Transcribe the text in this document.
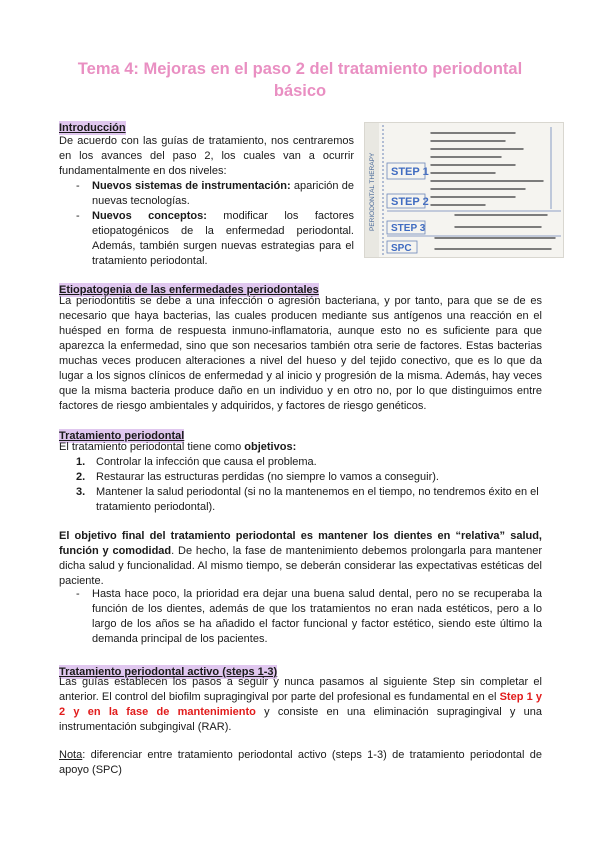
Tema 4: Mejoras en el paso 2 del tratamiento periodontal
básico
Introducción

De acuerdo con las guías de tratamiento, nos centraremos en los avances del paso 2, los cuales van a ocurrir fundamentalmente en dos niveles:

-	Nuevos sistemas de instrumentación: aparición de nuevas tecnologías.

-	Nuevos conceptos: modificar los factores etiopatogénicos de la enfermedad periodontal. Además, también surgen nuevas estrategias para el tratamiento periodontal.

PERIODONTAL THERAPY STEP 1
STEP 2
STEP 3
SPC
Etiopatogenia de las enfermedades periodontales

La periodontitis se debe a una infección o agresión bacteriana, y por tanto, para que se de es necesario que haya bacterias, las cuales producen mediante sus antígenos una reacción en el huésped en forma de respuesta inmuno-inflamatoria, aunque esto no es suficiente para que aparezca la enfermedad, sino que son necesarios también otra serie de factores. Estas bacterias muchas veces producen alteraciones a nivel del hueso y del tejido conectivo, que es lo que da lugar a los signos clínicos de enfermedad y al inicio y progresión de la misma. Además, hay veces que la misma bacteria produce daño en un individuo y en otro no, por lo que distinguimos entre factores de riesgo ambientales y adquiridos, y factores de riesgo genéticos.

Tratamiento periodontal

El tratamiento periodontal tiene como objetivos:

1. Controlar la infección que causa el problema.
2. Restaurar las estructuras perdidas (no siempre lo vamos a conseguir).
3. Mantener la salud periodontal (si no la mantenemos en el tiempo, no tendremos éxito en el tratamiento periodontal).

El objetivo final del tratamiento periodontal es mantener los dientes en “relativa” salud, función y comodidad. De hecho, la fase de mantenimiento debemos prolongarla para mantener dicha salud y funcionalidad. Al mismo tiempo, se deberán considerar las expectativas estéticas del paciente.

-	Hasta hace poco, la prioridad era dejar una buena salud dental, pero no se recuperaba la función de los dientes, además de que los tratamientos no eran nada estéticos, pero a lo largo de los años se ha añadido el factor funcional y factor estético, siendo este último la demanda principal de los pacientes.

Tratamiento periodontal activo (steps 1-3)

Las guías establecen los pasos a seguir y nunca pasamos al siguiente Step sin completar el anterior. El control del biofilm supragingival por parte del profesional es fundamental en el Step 1 y 2 y en la fase de mantenimiento y consiste en una eliminación supragingival y una instrumentación subgingival (RAR).

Nota: diferenciar entre tratamiento periodontal activo (steps 1-3) de tratamiento periodontal de apoyo (SPC)
